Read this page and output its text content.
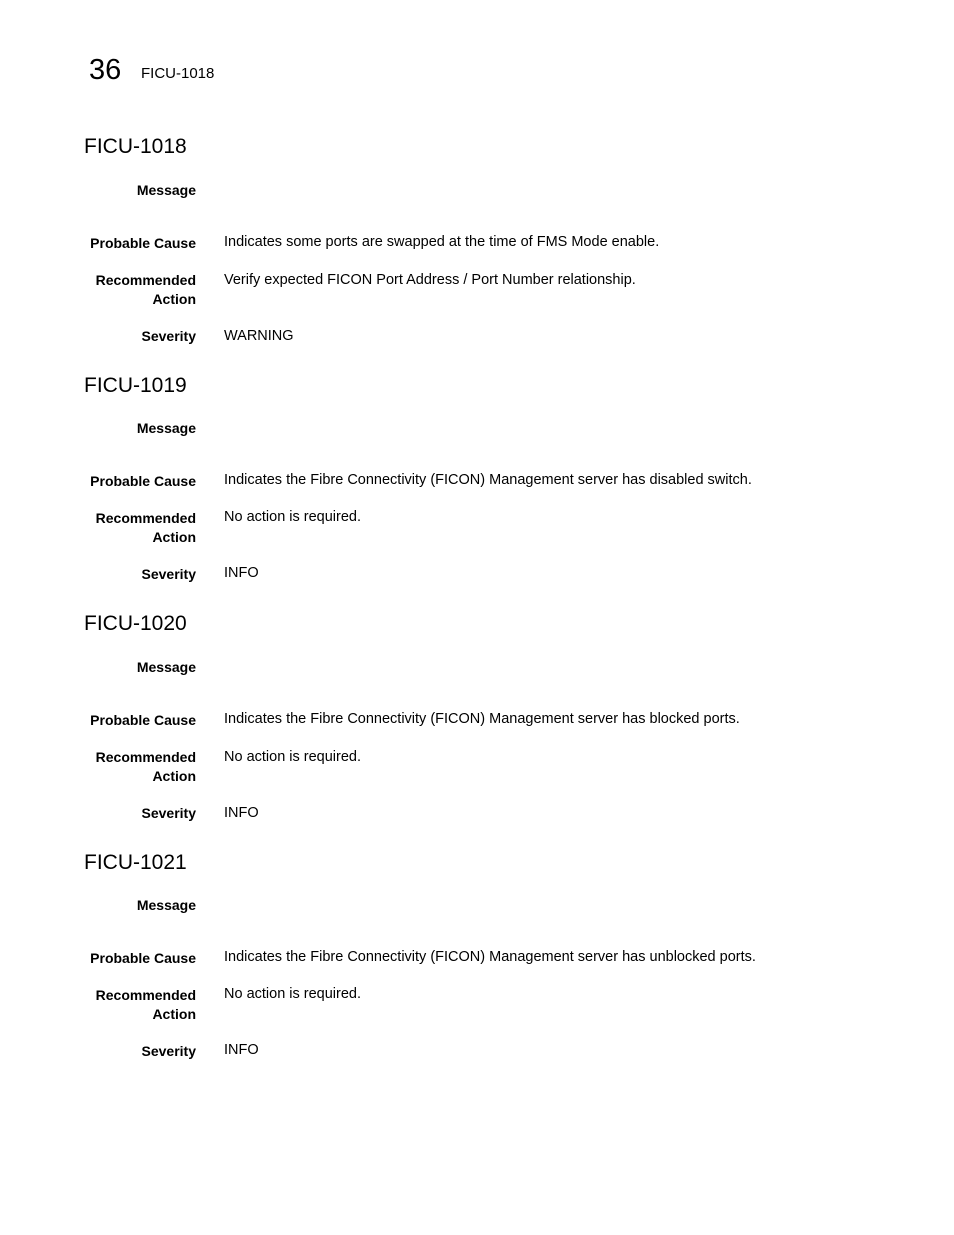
36 FICU-1018
FICU-1018
Message
Probable Cause Indicates some ports are swapped at the time of FMS Mode enable.
Recommended
Action
Verify expected FICON Port Address / Port Number relationship.
Severity WARNING
FICU-1019
Message
Probable Cause Indicates the Fibre Connectivity (FICON) Management server has disabled switch.
Recommended
Action
No action is required.
Severity INFO
FICU-1020
Message
Probable Cause Indicates the Fibre Connectivity (FICON) Management server has blocked ports.
Recommended
Action
No action is required.
Severity INFO
FICU-1021
Message
Probable Cause Indicates the Fibre Connectivity (FICON) Management server has unblocked ports.
Recommended
Action
No action is required.
Severity INFO
